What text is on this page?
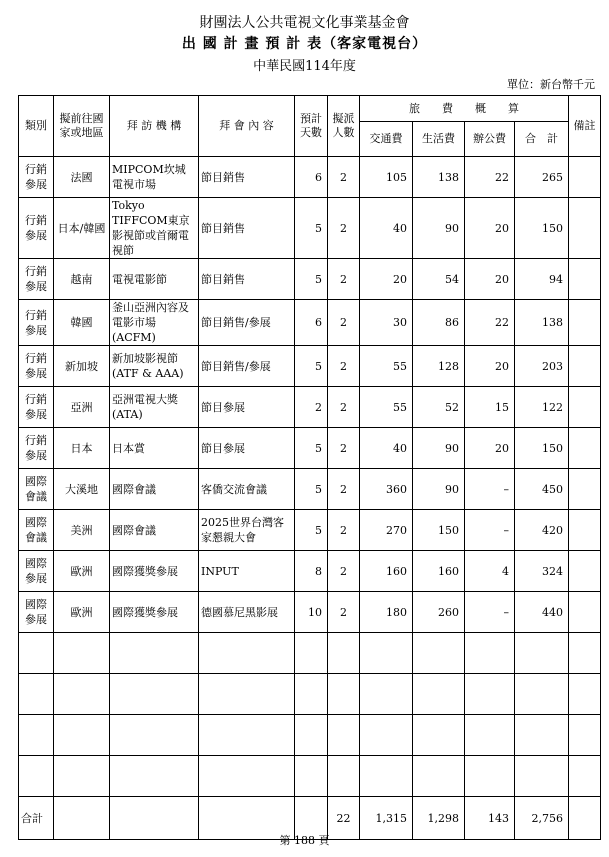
財團法人公共電視文化事業基金會
出 國 計 畫 預 計 表（客家電視台）
中華民國114年度
單位：新台幣千元
類別	擬前往國家或地區	拜 訪 機 構	拜 會 內 容	預計天數	擬派人數	旅　　費　　概　　算				備註
						交通費	生活費	辦公費	合　計	
行銷參展	法國	MIPCOM坎城電視市場	節目銷售	6	2	105	138	22	265	
行銷參展	日本/韓國	Tokyo TIFFCOM東京影視節或首爾電視節	節目銷售	5	2	40	90	20	150	
行銷參展	越南	電視電影節	節目銷售	5	2	20	54	20	94	
行銷參展	韓國	釜山亞洲內容及電影市場(ACFM)	節目銷售/參展	6	2	30	86	22	138	
行銷參展	新加坡	新加坡影視節(ATF & AAA)	節目銷售/參展	5	2	55	128	20	203	
行銷參展	亞洲	亞洲電視大獎(ATA)	節目參展	2	2	55	52	15	122	
行銷參展	日本	日本賞	節目參展	5	2	40	90	20	150	
國際會議	大溪地	國際會議	客僑交流會議	5	2	360	90	–	450	
國際會議	美洲	國際會議	2025世界台灣客家懇親大會	5	2	270	150	–	420	
國際參展	歐洲	國際獲獎參展	INPUT	8	2	160	160	4	324	
國際參展	歐洲	國際獲獎參展	德國慕尼黑影展	10	2	180	260	–	440	

合計					22	1,315	1,298	143	2,756	
第 188 頁
